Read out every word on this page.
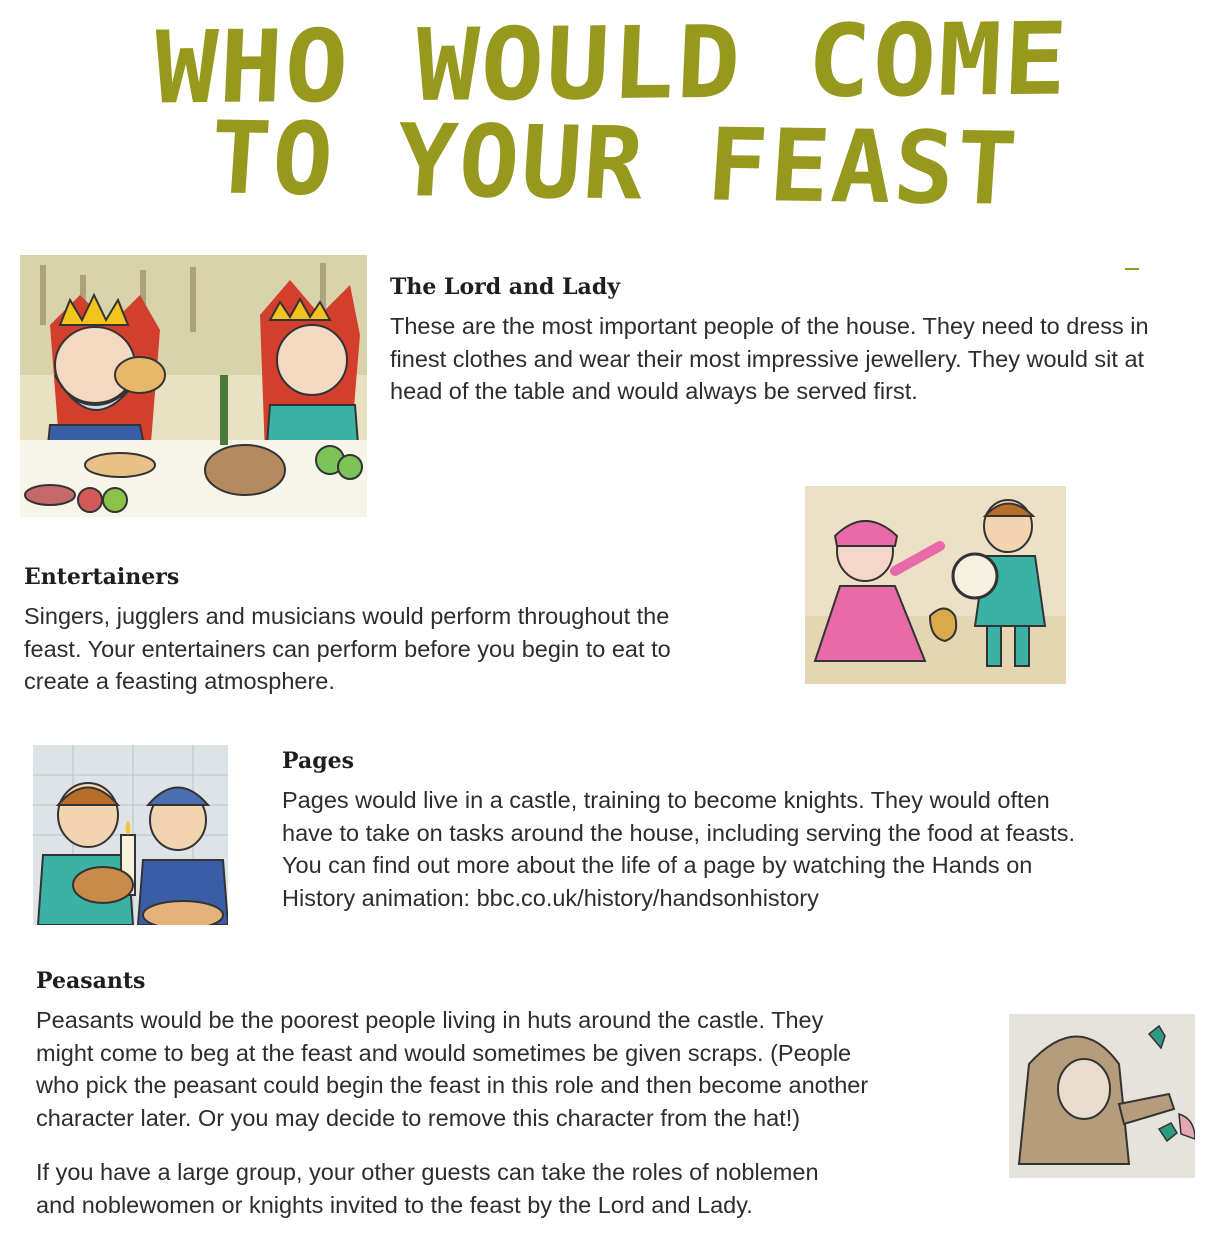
WHO WOULD COME
TO YOUR FEAST
The Lord and Lady
These are the most important people of the house. They need to dress in
finest clothes and wear their most impressive jewellery. They would sit at
head of the table and would always be served first.
Entertainers
Singers, jugglers and musicians would perform throughout the
feast. Your entertainers can perform before you begin to eat to
create a feasting atmosphere.
Pages
Pages would live in a castle, training to become knights. They would often
have to take on tasks around the house, including serving the food at feasts.
You can find out more about the life of a page by watching the Hands on
History animation: bbc.co.uk/history/handsonhistory
Peasants
Peasants would be the poorest people living in huts around the castle. They
might come to beg at the feast and would sometimes be given scraps. (People
who pick the peasant could begin the feast in this role and then become another
character later. Or you may decide to remove this character from the hat!)
If you have a large group, your other guests can take the roles of noblemen
and noblewomen or knights invited to the feast by the Lord and Lady.
